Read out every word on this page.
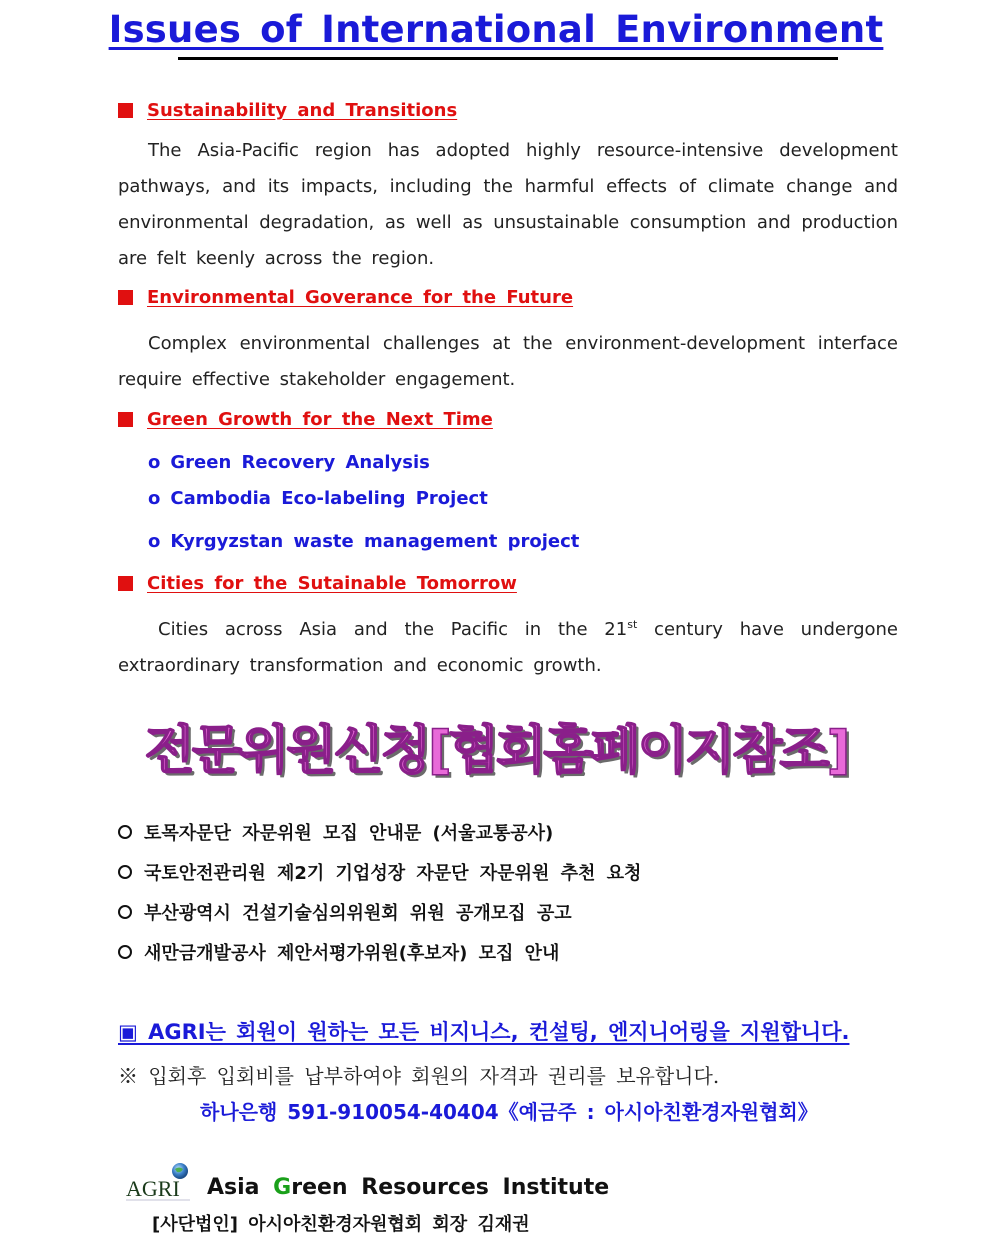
Issues of International Environment
Sustainability and Transitions
The Asia-Pacific region has adopted highly resource-intensive development pathways, and its impacts, including the harmful effects of climate change and environmental degradation, as well as unsustainable consumption and production are felt keenly across the region.
Environmental Goverance for the Future
Complex environmental challenges at the environment-development interface require effective stakeholder engagement.
Green Growth for the Next Time
o Green Recovery Analysis
o Cambodia Eco-labeling Project
o Kyrgyzstan waste management project
Cities for the Sutainable Tomorrow
Cities across Asia and the Pacific in the 21st century have undergone extraordinary transformation and economic growth.
전문위원신청[협회홈페이지참조]
토목자문단 자문위원 모집 안내문 (서울교통공사)
국토안전관리원 제2기 기업성장 자문단 자문위원 추천 요청
부산광역시 건설기술심의위원회 위원 공개모집 공고
새만금개발공사 제안서평가위원(후보자) 모집 안내
▣ AGRI는 회원이 원하는 모든 비지니스, 컨설팅, 엔지니어링을 지원합니다.
※ 입회후 입회비를 납부하여야 회원의 자격과 권리를 보유합니다.
하나은행 591-910054-40404《예금주 : 아시아친환경자원협회》
AGRI Asia Green Resources Institute
[사단법인] 아시아친환경자원협회 회장 김재권
